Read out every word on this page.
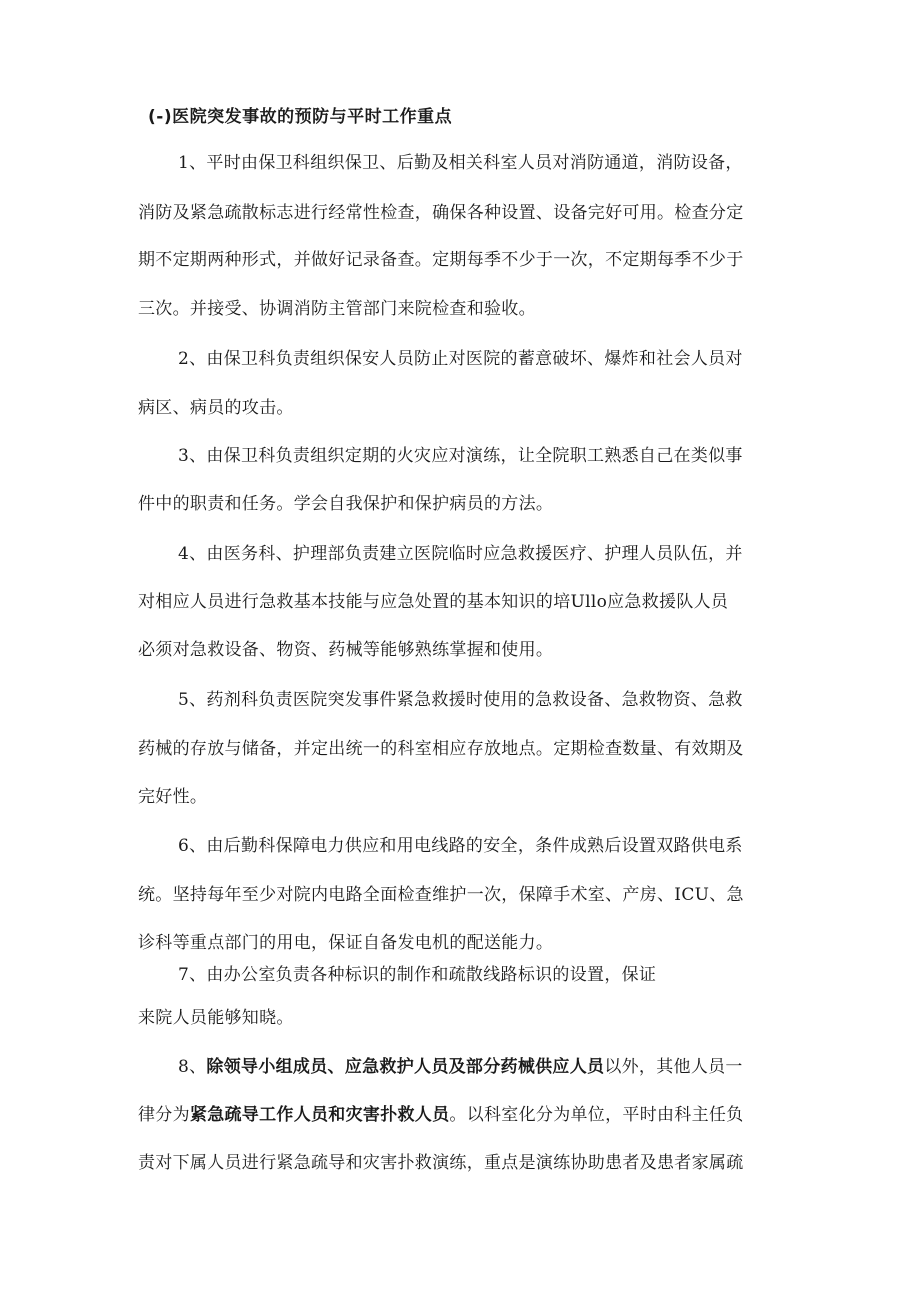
(-)医院突发事故的预防与平时工作重点
1、平时由保卫科组织保卫、后勤及相关科室人员对消防通道，消防设备，
消防及紧急疏散标志进行经常性检查，确保各种设置、设备完好可用。检查分定
期不定期两种形式，并做好记录备查。定期每季不少于一次，不定期每季不少于
三次。并接受、协调消防主管部门来院检查和验收。
2、由保卫科负责组织保安人员防止对医院的蓄意破坏、爆炸和社会人员对
病区、病员的攻击。
3、由保卫科负责组织定期的火灾应对演练，让全院职工熟悉自己在类似事
件中的职责和任务。学会自我保护和保护病员的方法。
4、由医务科、护理部负责建立医院临时应急救援医疗、护理人员队伍，并
对相应人员进行急救基本技能与应急处置的基本知识的培Ullo应急救援队人员
必须对急救设备、物资、药械等能够熟练掌握和使用。
5、药剂科负责医院突发事件紧急救援时使用的急救设备、急救物资、急救
药械的存放与储备，并定出统一的科室相应存放地点。定期检查数量、有效期及
完好性。
6、由后勤科保障电力供应和用电线路的安全，条件成熟后设置双路供电系
统。坚持每年至少对院内电路全面检查维护一次，保障手术室、产房、ICU、急
诊科等重点部门的用电，保证自备发电机的配送能力。
7、由办公室负责各种标识的制作和疏散线路标识的设置，保证
来院人员能够知晓。
8、除领导小组成员、应急救护人员及部分药械供应人员以外，其他人员一
律分为紧急疏导工作人员和灾害扑救人员。以科室化分为单位，平时由科主任负
责对下属人员进行紧急疏导和灾害扑救演练，重点是演练协助患者及患者家属疏
